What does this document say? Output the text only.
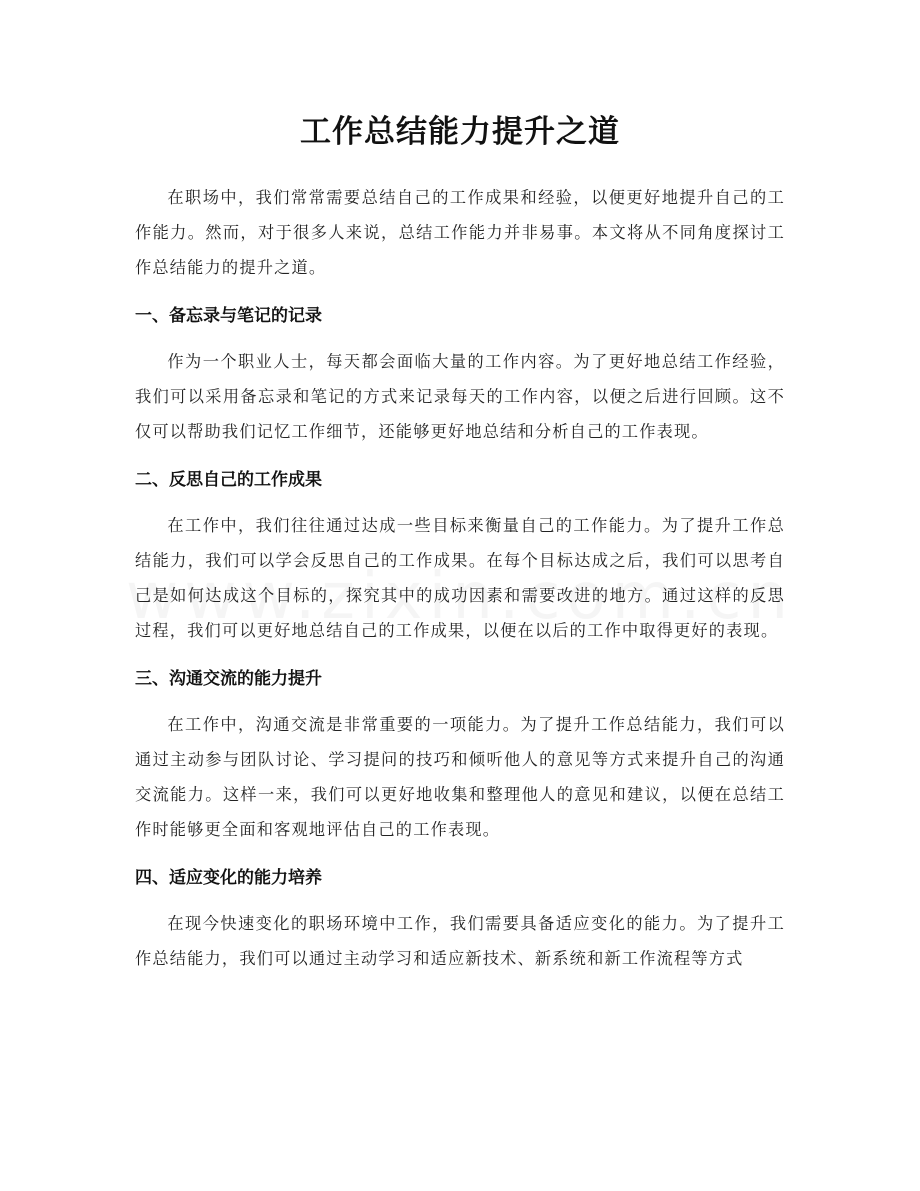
工作总结能力提升之道

在职场中，我们常常需要总结自己的工作成果和经验，以便更好地提升自己的工作能力。然而，对于很多人来说，总结工作能力并非易事。本文将从不同角度探讨工作总结能力的提升之道。

一、备忘录与笔记的记录

作为一个职业人士，每天都会面临大量的工作内容。为了更好地总结工作经验，我们可以采用备忘录和笔记的方式来记录每天的工作内容，以便之后进行回顾。这不仅可以帮助我们记忆工作细节，还能够更好地总结和分析自己的工作表现。

二、反思自己的工作成果

在工作中，我们往往通过达成一些目标来衡量自己的工作能力。为了提升工作总结能力，我们可以学会反思自己的工作成果。在每个目标达成之后，我们可以思考自己是如何达成这个目标的，探究其中的成功因素和需要改进的地方。通过这样的反思过程，我们可以更好地总结自己的工作成果，以便在以后的工作中取得更好的表现。

三、沟通交流的能力提升

在工作中，沟通交流是非常重要的一项能力。为了提升工作总结能力，我们可以通过主动参与团队讨论、学习提问的技巧和倾听他人的意见等方式来提升自己的沟通交流能力。这样一来，我们可以更好地收集和整理他人的意见和建议，以便在总结工作时能够更全面和客观地评估自己的工作表现。

四、适应变化的能力培养

在现今快速变化的职场环境中工作，我们需要具备适应变化的能力。为了提升工作总结能力，我们可以通过主动学习和适应新技术、新系统和新工作流程等方式
